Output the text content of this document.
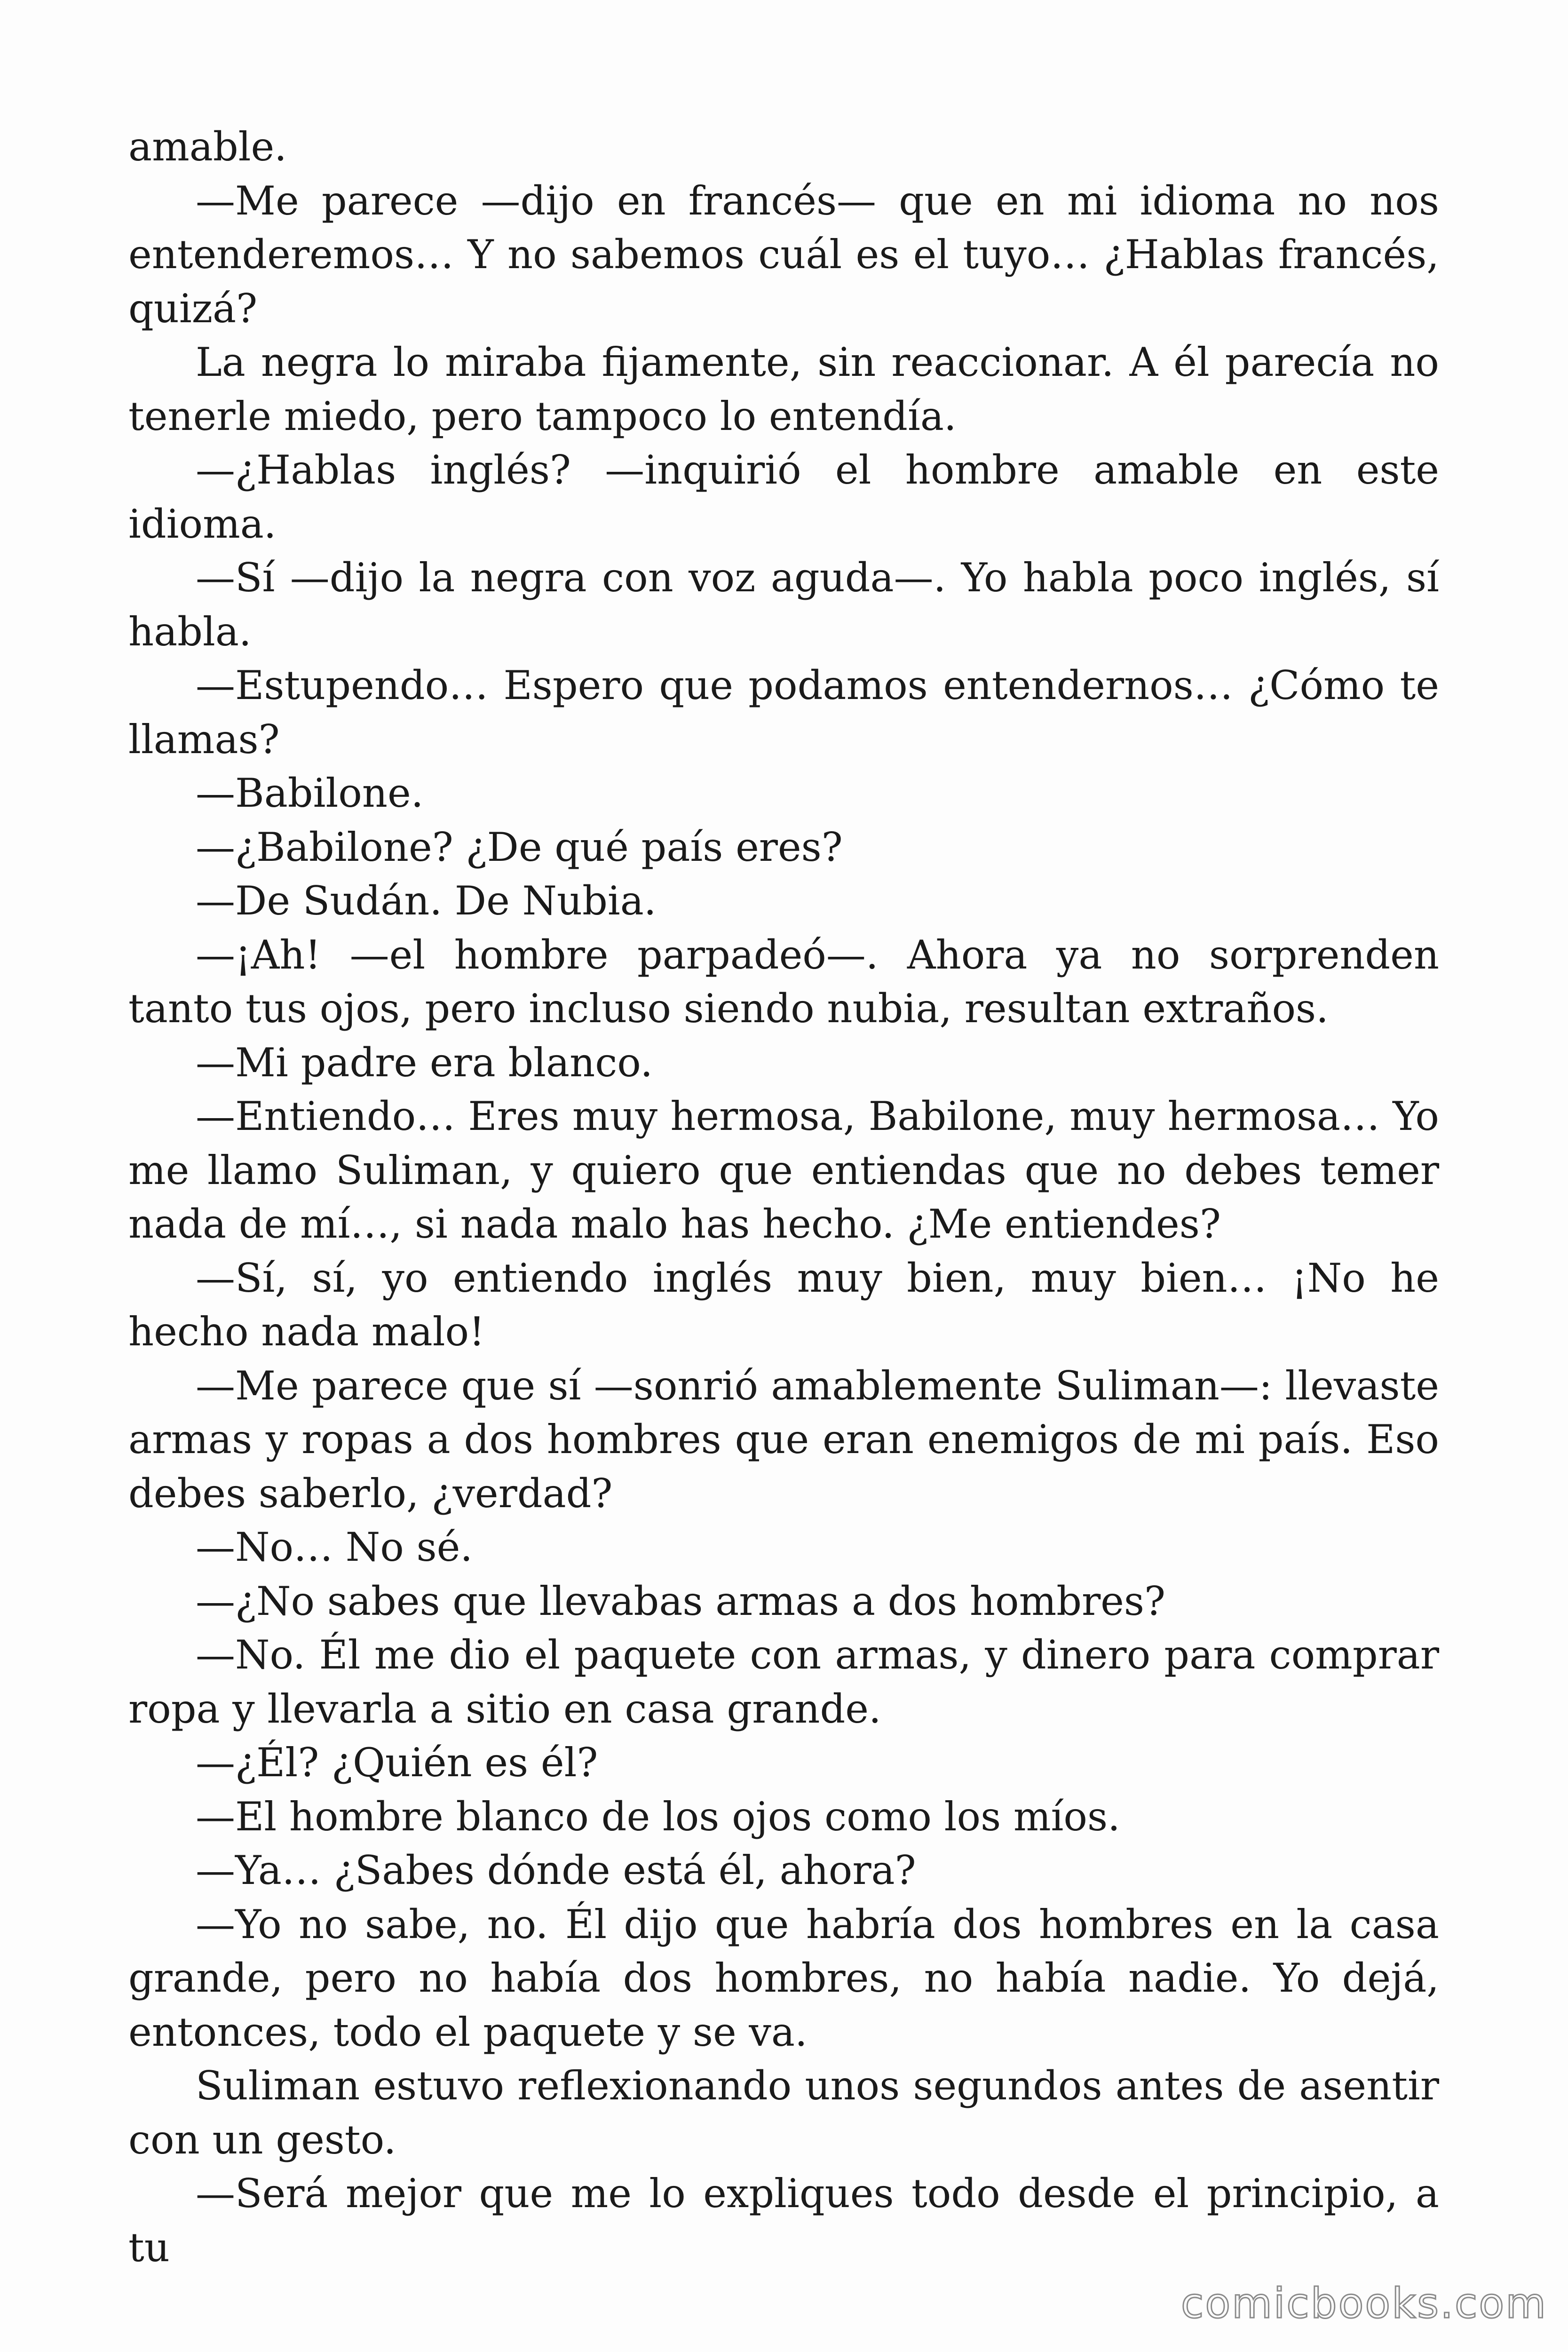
amable.

—Me parece —dijo en francés— que en mi idioma no nos entenderemos… Y no sabemos cuál es el tuyo… ¿Hablas francés, quizá?

La negra lo miraba fijamente, sin reaccionar. A él parecía no tenerle miedo, pero tampoco lo entendía.

—¿Hablas inglés? —inquirió el hombre amable en este idioma.

—Sí —dijo la negra con voz aguda—. Yo habla poco inglés, sí habla.

—Estupendo… Espero que podamos entendernos… ¿Cómo te llamas?

—Babilone.

—¿Babilone? ¿De qué país eres?

—De Sudán. De Nubia.

—¡Ah! —el hombre parpadeó—. Ahora ya no sorprenden tanto tus ojos, pero incluso siendo nubia, resultan extraños.

—Mi padre era blanco.

—Entiendo… Eres muy hermosa, Babilone, muy hermosa… Yo me llamo Suliman, y quiero que entiendas que no debes temer nada de mí…, si nada malo has hecho. ¿Me entiendes?

—Sí, sí, yo entiendo inglés muy bien, muy bien… ¡No he hecho nada malo!

—Me parece que sí —sonrió amablemente Suliman—: llevaste armas y ropas a dos hombres que eran enemigos de mi país. Eso debes saberlo, ¿verdad?

—No… No sé.

—¿No sabes que llevabas armas a dos hombres?

—No. Él me dio el paquete con armas, y dinero para comprar ropa y llevarla a sitio en casa grande.

—¿Él? ¿Quién es él?

—El hombre blanco de los ojos como los míos.

—Ya… ¿Sabes dónde está él, ahora?

—Yo no sabe, no. Él dijo que habría dos hombres en la casa grande, pero no había dos hombres, no había nadie. Yo dejá, entonces, todo el paquete y se va.

Suliman estuvo reflexionando unos segundos antes de asentir con un gesto.

—Será mejor que me lo expliques todo desde el principio, a tu

comicbooks.com
